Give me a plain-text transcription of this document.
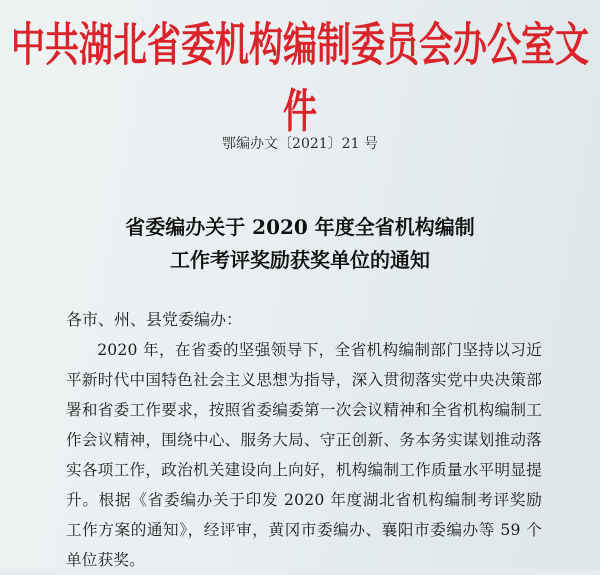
中共湖北省委机构编制委员会办公室文件
鄂编办文〔2021〕21 号
省委编办关于 2020 年度全省机构编制
工作考评奖励获奖单位的通知
各市、州、县党委编办：
2020 年，在省委的坚强领导下，全省机构编制部门坚持以习近平新时代中国特色社会主义思想为指导，深入贯彻落实党中央决策部署和省委工作要求，按照省委编委第一次会议精神和全省机构编制工作会议精神，围绕中心、服务大局、守正创新、务本务实谋划推动落实各项工作，政治机关建设向上向好，机构编制工作质量水平明显提升。根据《省委编办关于印发 2020 年度湖北省机构编制考评奖励工作方案的通知》，经评审，黄冈市委编办、襄阳市委编办等 59 个单位获奖。
